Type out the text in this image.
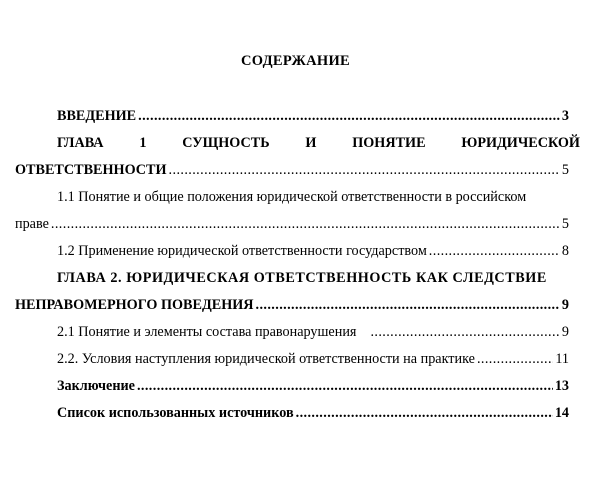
СОДЕРЖАНИЕ
ВВЕДЕНИЕ .....	3
ГЛАВА	1	СУЩНОСТЬ	И	ПОНЯТИЕ	ЮРИДИЧЕСКОЙ
ОТВЕТСТВЕННОСТИ .....	5
1.1 Понятие и общие положения юридической ответственности в российском
праве .....	5
1.2 Применение юридической ответственности государством .....	8
ГЛАВА 2. ЮРИДИЧЕСКАЯ ОТВЕТСТВЕННОСТЬ КАК СЛЕДСТВИЕ
НЕПРАВОМЕРНОГО ПОВЕДЕНИЯ .....	9
2.1 Понятие и элементы состава правонарушения .....	9
2.2. Условия наступления юридической ответственности на практике .....	11
Заключение .....	13
Список использованных источников .....	14
